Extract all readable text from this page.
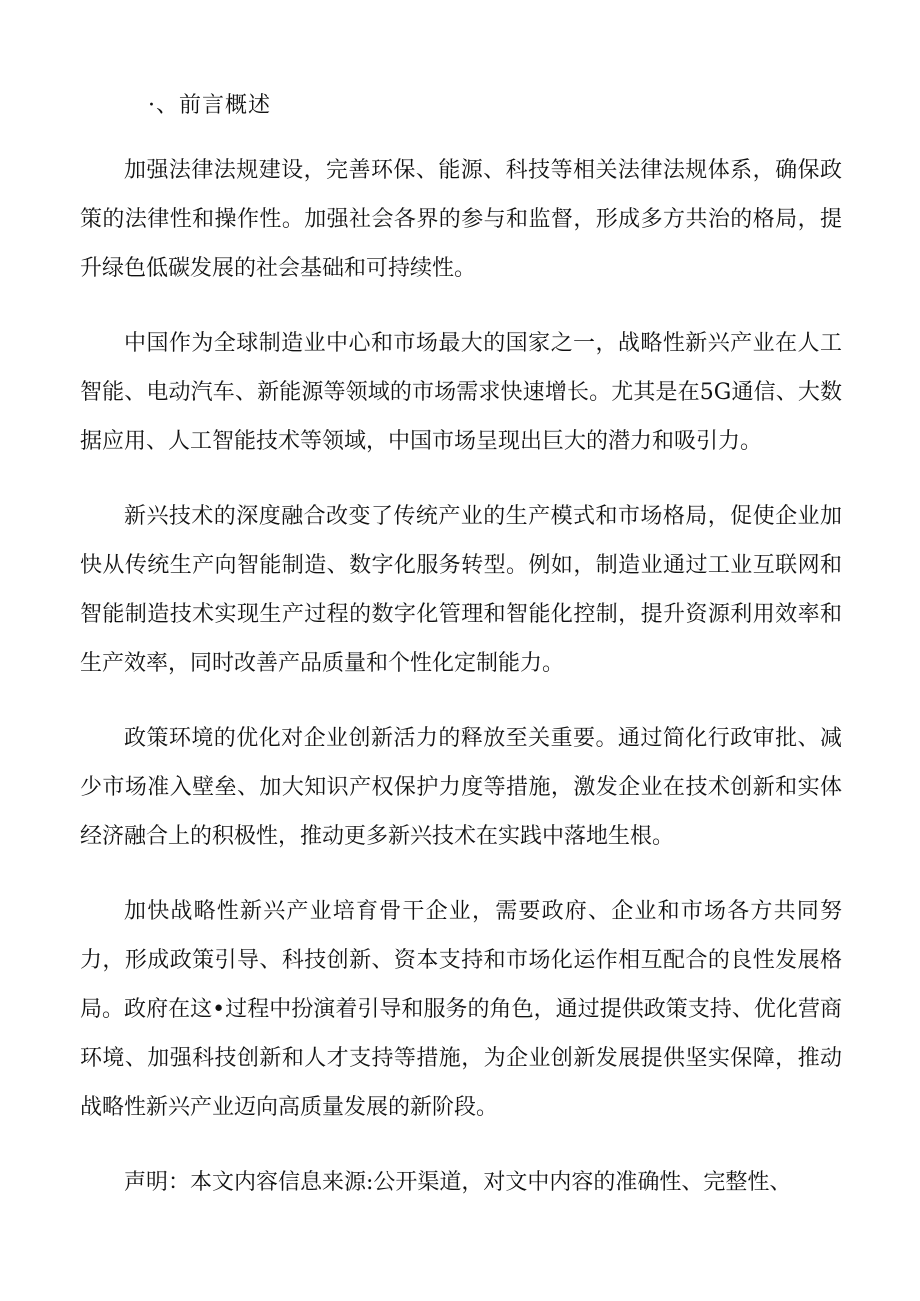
·、前言概述

加强法律法规建设，完善环保、能源、科技等相关法律法规体系，确保政策的法律性和操作性。加强社会各界的参与和监督，形成多方共治的格局，提升绿色低碳发展的社会基础和可持续性。

中国作为全球制造业中心和市场最大的国家之一，战略性新兴产业在人工智能、电动汽车、新能源等领域的市场需求快速增长。尤其是在5G通信、大数据应用、人工智能技术等领域，中国市场呈现出巨大的潜力和吸引力。

新兴技术的深度融合改变了传统产业的生产模式和市场格局，促使企业加快从传统生产向智能制造、数字化服务转型。例如，制造业通过工业互联网和智能制造技术实现生产过程的数字化管理和智能化控制，提升资源利用效率和生产效率，同时改善产品质量和个性化定制能力。

政策环境的优化对企业创新活力的释放至关重要。通过简化行政审批、减少市场准入壁垒、加大知识产权保护力度等措施，激发企业在技术创新和实体经济融合上的积极性，推动更多新兴技术在实践中落地生根。

加快战略性新兴产业培育骨干企业，需要政府、企业和市场各方共同努力，形成政策引导、科技创新、资本支持和市场化运作相互配合的良性发展格局。政府在这•过程中扮演着引导和服务的角色，通过提供政策支持、优化营商环境、加强科技创新和人才支持等措施，为企业创新发展提供坚实保障，推动战略性新兴产业迈向高质量发展的新阶段。

声明：本文内容信息来源:公开渠道，对文中内容的准确性、完整性、
